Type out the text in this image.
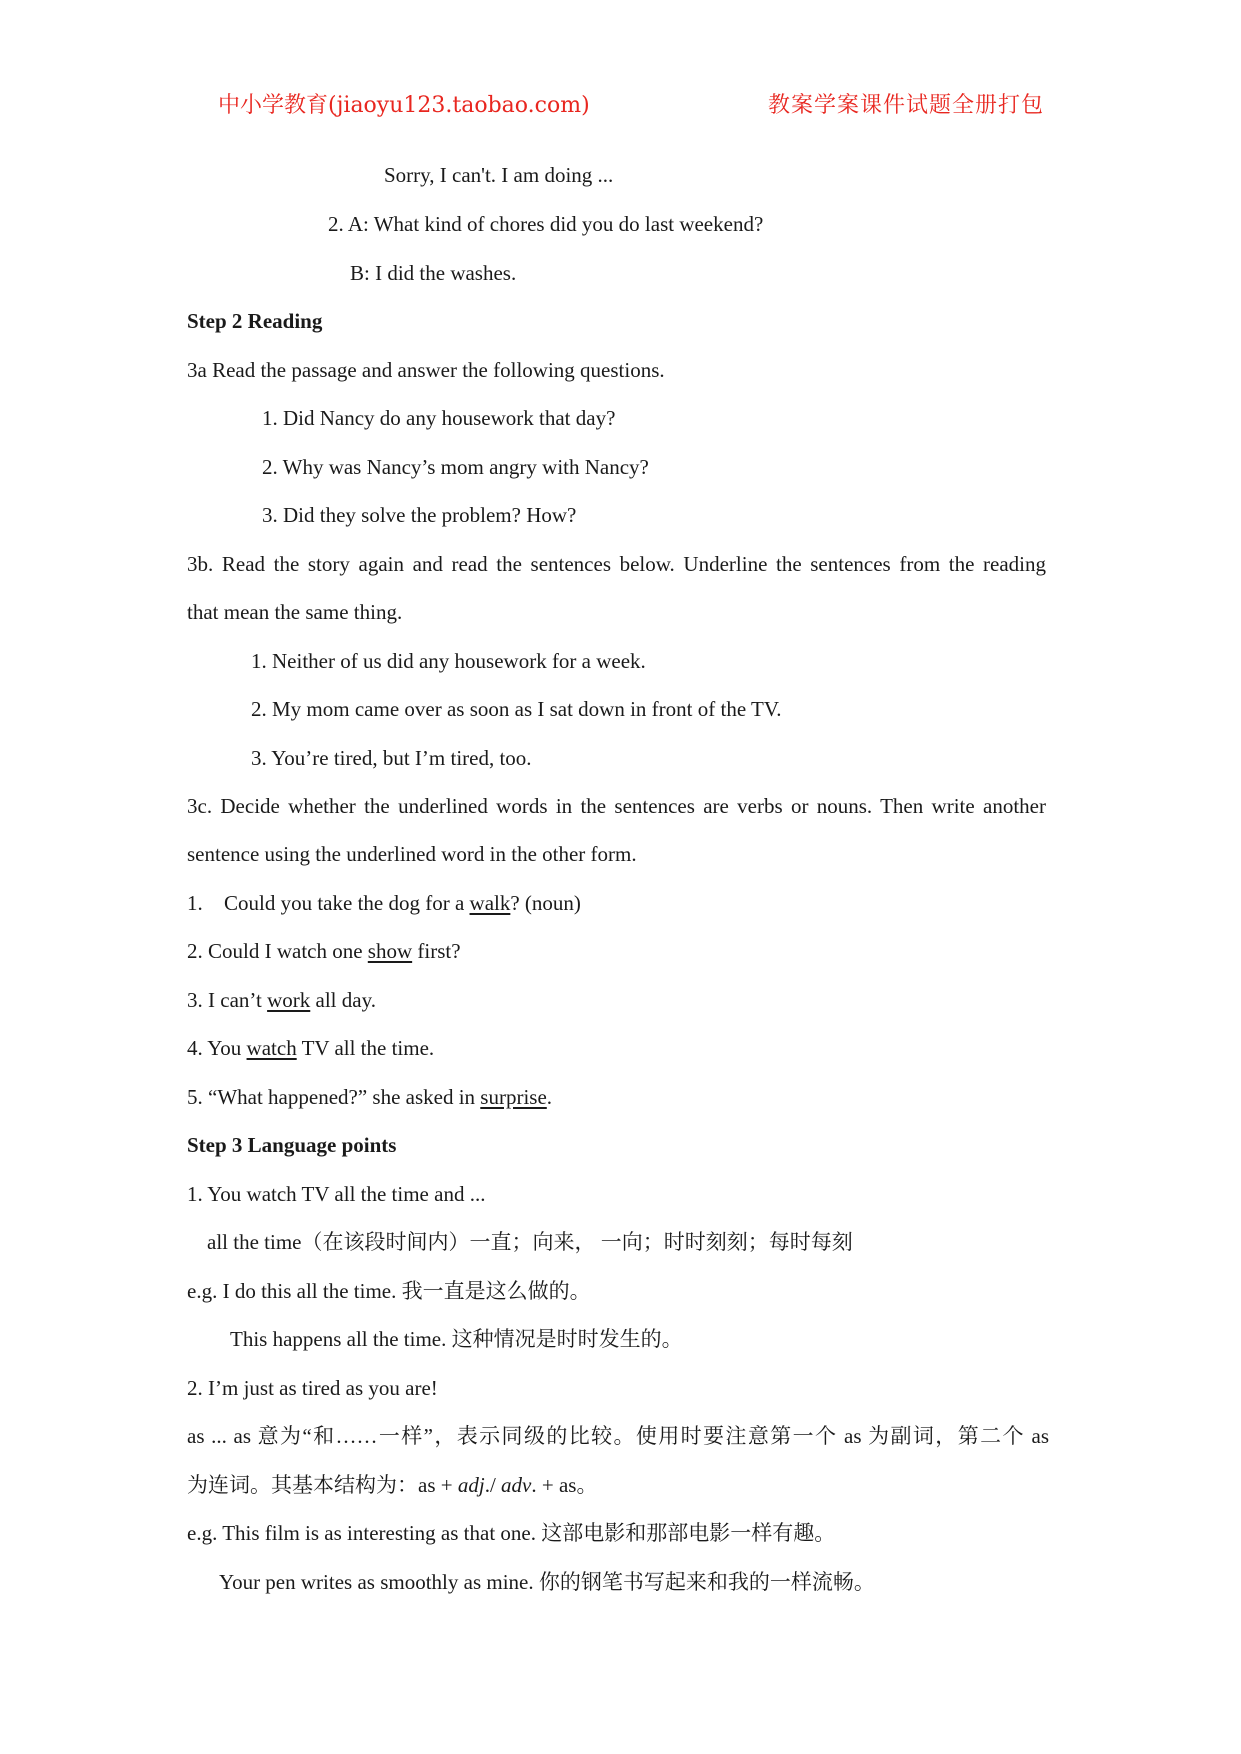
中小学教育(jiaoyu123.taobao.com)	教案学案课件试题全册打包
Sorry, I can't. I am doing ...
2. A: What kind of chores did you do last weekend?
B: I did the washes.
Step 2 Reading
3a Read the passage and answer the following questions.
1. Did Nancy do any housework that day?
2. Why was Nancy’s mom angry with Nancy?
3. Did they solve the problem? How?
3b. Read the story again and read the sentences below. Underline the sentences from the reading
that mean the same thing.
1. Neither of us did any housework for a week.
2. My mom came over as soon as I sat down in front of the TV.
3. You’re tired, but I’m tired, too.
3c. Decide whether the underlined words in the sentences are verbs or nouns. Then write another
sentence using the underlined word in the other form.
1. Could you take the dog for a walk? (noun)
2. Could I watch one show first?
3. I can’t work all day.
4. You watch TV all the time.
5. “What happened?” she asked in surprise.
Step 3 Language points
1. You watch TV all the time and ...
all the time（在该段时间内）一直；向来， 一向；时时刻刻；每时每刻
e.g. I do this all the time. 我一直是这么做的。
This happens all the time. 这种情况是时时发生的。
2. I’m just as tired as you are!
as ... as 意为“和……一样”，表示同级的比较。使用时要注意第一个 as 为副词，第二个 as
为连词。其基本结构为：as + adj./ adv. + as。
e.g. This film is as interesting as that one. 这部电影和那部电影一样有趣。
Your pen writes as smoothly as mine. 你的钢笔书写起来和我的一样流畅。
